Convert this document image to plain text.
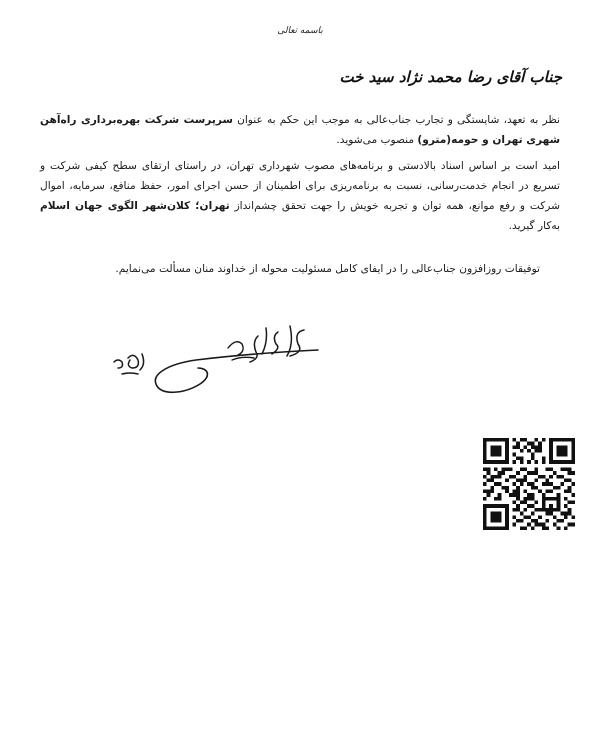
باسمه تعالی
جناب آقای رضا محمد نژاد سید خت

نظر به تعهد، شایستگی و تجارب جناب‌عالی به موجب این حکم به عنوان سرپرست شرکت بهره‌برداری راه‌آهن شهری تهران و حومه(مترو) منصوب می‌شوید.

امید است بر اساس اسناد بالادستی و برنامه‌های مصوب شهرداری تهران، در راستای ارتقای سطح کیفی شرکت و تسریع در انجام خدمت‌رسانی، نسبت به برنامه‌ریزی برای اطمینان از حسن اجرای امور، حفظ منافع، سرمایه، اموال شرکت و رفع موانع، همه توان و تجربه خویش را جهت تحقق چشم‌انداز تهران؛ کلان‌شهر الگوی جهان اسلام به‌کار گیرید.

توفیقات روزافزون جناب‌عالی را در ایفای کامل مسئولیت محوله از خداوند منان مسألت می‌نمایم.
